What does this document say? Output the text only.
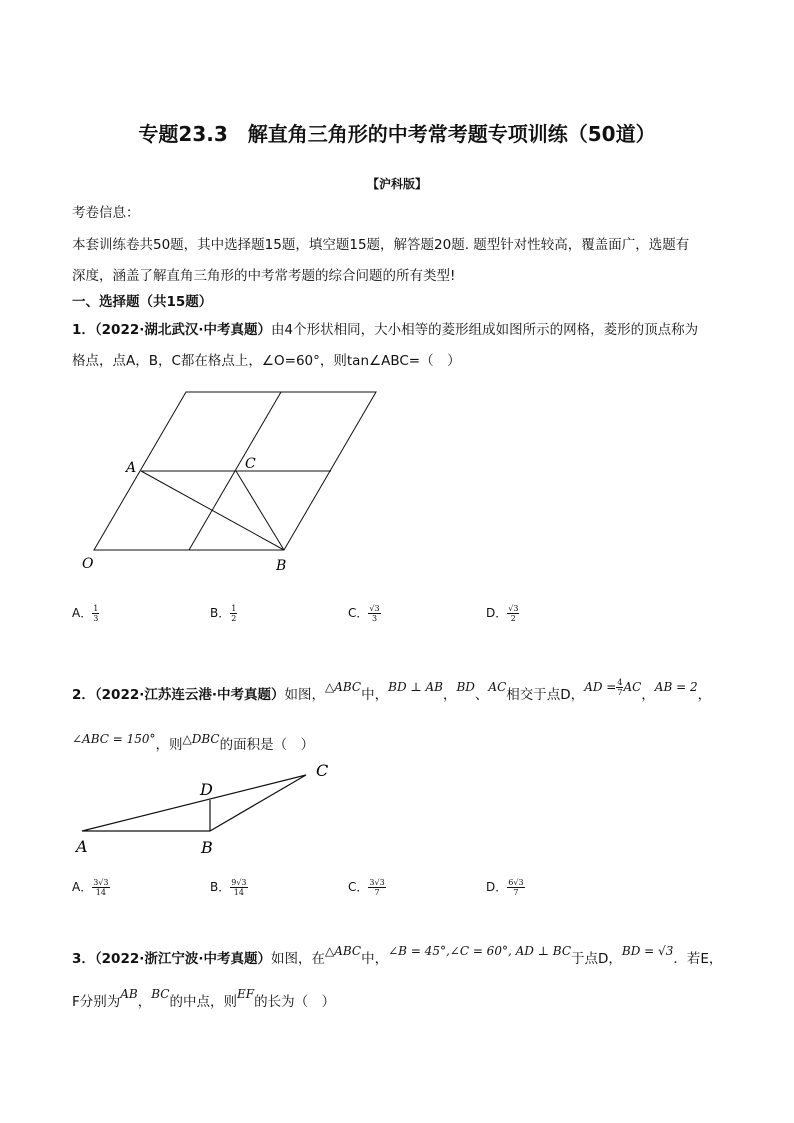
专题23.3　解直角三角形的中考常考题专项训练（50道）
【沪科版】
考卷信息：
本套训练卷共50题，其中选择题15题，填空题15题，解答题20题. 题型针对性较高，覆盖面广，选题有
深度，涵盖了解直角三角形的中考常考题的综合问题的所有类型!
一、选择题（共15题）
1．（2022·湖北武汉·中考真题）由4个形状相同，大小相等的菱形组成如图所示的网格，菱形的顶点称为
格点，点A，B，C都在格点上，∠O=60°，则tan∠ABC=（　）
A	C
O	B
A． $\frac{1}{3}$	B． $\frac{1}{2}$	C． $\frac{√3}{3}$	D． $\frac{√3}{2}$
2．（2022·江苏连云港·中考真题）如图，△ABC中，BD ⊥ AB，BD、AC相交于点D，AD = $\frac{4}{7}$ AC，AB = 2，
∠ABC = 150°，则△DBC的面积是（　）
A	B
C
D
A． $\frac{3√3}{14}$	B． $\frac{9√3}{14}$	C． $\frac{3√3}{7}$	D． $\frac{6√3}{7}$
3．（2022·浙江宁波·中考真题）如图，在△ABC中，∠B = 45°,∠C = 60°, AD ⊥ BC于点D，BD = √3．若E，
F分别为AB，BC的中点，则EF的长为（　）
